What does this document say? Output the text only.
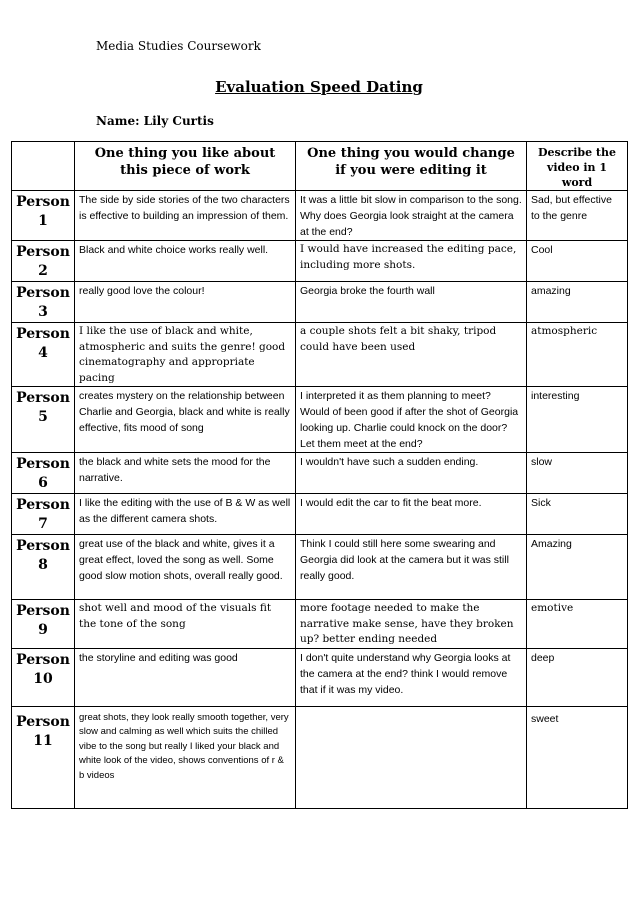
Media Studies Coursework
Evaluation Speed Dating
Name: Lily Curtis
	One thing you like about this piece of work	One thing you would change if you were editing it	Describe the video in 1 word
Person 1	The side by side stories of the two characters is effective to building an impression of them.	It was a little bit slow in comparison to the song. Why does Georgia look straight at the camera at the end?	Sad, but effective to the genre
Person 2	Black and white choice works really well.	I would have increased the editing pace, including more shots.	Cool
Person 3	really good love the colour!	Georgia broke the fourth wall	amazing
Person 4	I like the use of black and white, atmospheric and suits the genre! good cinematography and appropriate pacing	a couple shots felt a bit shaky, tripod could have been used	atmospheric
Person 5	creates mystery on the relationship between Charlie and Georgia, black and white is really effective, fits mood of song	I interpreted it as them planning to meet? Would of been good if after the shot of Georgia looking up. Charlie could knock on the door? Let them meet at the end?	interesting
Person 6	the black and white sets the mood for the narrative.	I wouldn't have such a sudden ending.	slow
Person 7	I like the editing with the use of B & W as well as the different camera shots.	I would edit the car to fit the beat more.	Sick
Person 8	great use of the black and white, gives it a great effect, loved the song as well. Some good slow motion shots, overall really good.	Think I could still here some swearing and Georgia did look at the camera but it was still really good.	Amazing
Person 9	shot well and mood of the visuals fit the tone of the song	more footage needed to make the narrative make sense, have they broken up? better ending needed	emotive
Person 10	the storyline and editing was good	I don't quite understand why Georgia looks at the camera at the end? think I would remove that if it was my video.	deep
Person 11	great shots, they look really smooth together, very slow and calming as well which suits the chilled vibe to the song but really I liked your black and white look of the video, shows conventions of r & b videos		sweet
